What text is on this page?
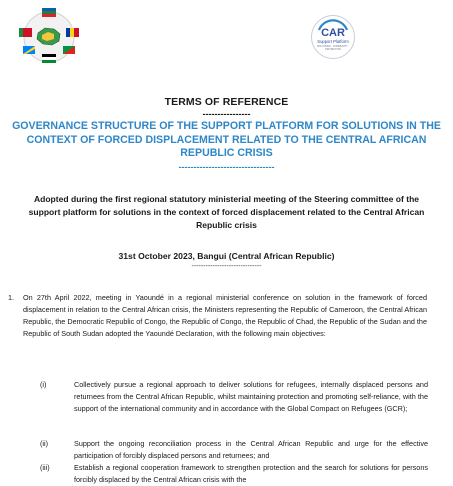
CAR
Support Platform
SOLUTIONS · COMMUNITY · PROTECTION
TERMS OF REFERENCE
----------------
GOVERNANCE STRUCTURE OF THE SUPPORT PLATFORM FOR SOLUTIONS IN THE CONTEXT OF FORCED DISPLACEMENT RELATED TO THE CENTRAL AFRICAN REPUBLIC CRISIS
--------------------------------
Adopted during the first regional statutory ministerial meeting of the Steering committee of the support platform for solutions in the context of forced displacement related to the Central African Republic crisis
31st October 2023, Bangui (Central African Republic)
------------------------------
1. On 27th April 2022, meeting in Yaoundé in a regional ministerial conference on solution in the framework of forced displacement in relation to the Central African crisis, the Ministers representing the Republic of Cameroon, the Central African Republic, the Democratic Republic of Congo, the Republic of Congo, the Republic of Chad, the Republic of the Sudan and the Republic of South Sudan adopted the Yaoundé Declaration, with the following main objectives:
(i)	Collectively pursue a regional approach to deliver solutions for refugees, internally displaced persons and returnees from the Central African Republic, whilst maintaining protection and promoting self-reliance, with the support of the international community and in accordance with the Global Compact on Refugees (GCR);
(ii)	Support the ongoing reconciliation process in the Central African Republic and urge for the effective participation of forcibly displaced persons and returnees; and
(iii)	Establish a regional cooperation framework to strengthen protection and the search for solutions for persons forcibly displaced by the Central African crisis with the
